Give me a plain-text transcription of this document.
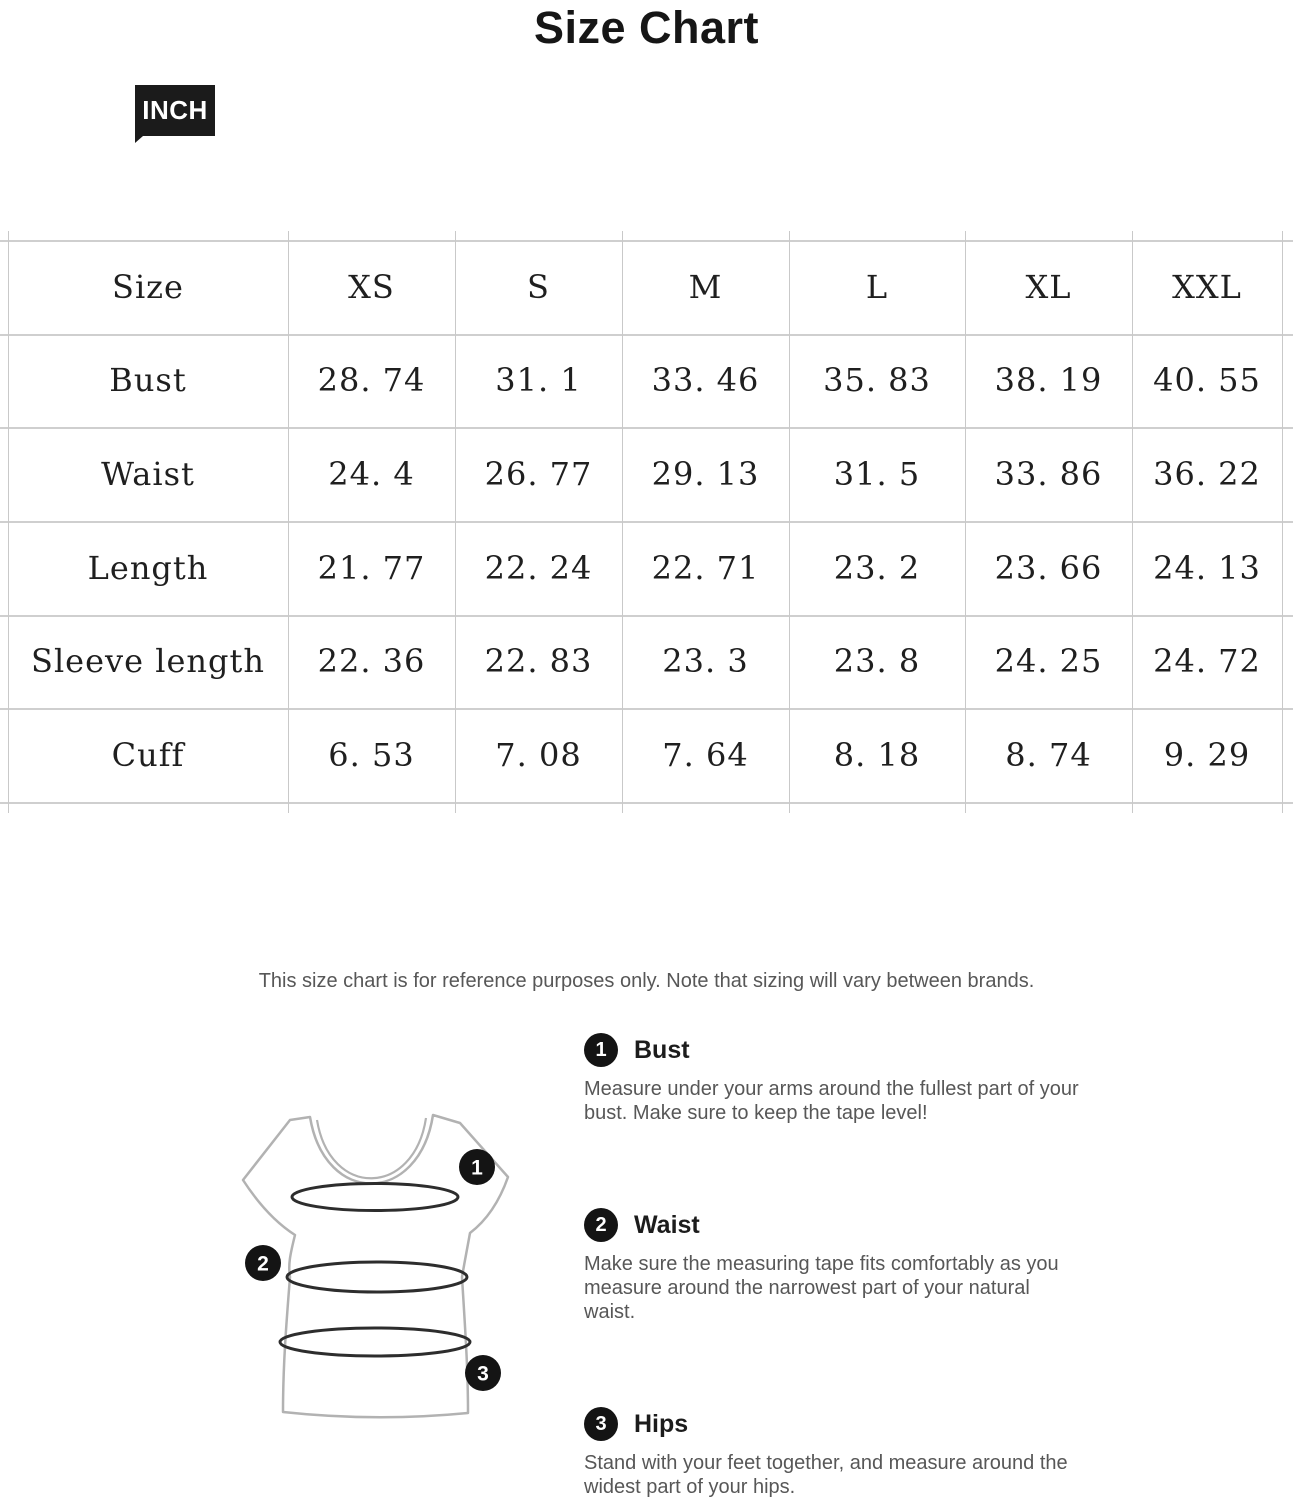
Size Chart
INCH
Size	XS	S	M	L	XL	XXL
Bust	28. 74	31. 1	33. 46	35. 83	38. 19	40. 55
Waist	24. 4	26. 77	29. 13	31. 5	33. 86	36. 22
Length	21. 77	22. 24	22. 71	23. 2	23. 66	24. 13
Sleeve length	22. 36	22. 83	23. 3	23. 8	24. 25	24. 72
Cuff	6. 53	7. 08	7. 64	8. 18	8. 74	9. 29
This size chart is for reference purposes only. Note that sizing will vary between brands.
1
2
3
1	Bust
Measure under your arms around the fullest part of your
bust. Make sure to keep the tape level!
2	Waist
Make sure the measuring tape fits comfortably as you
measure around the narrowest part of your natural
waist.
3	Hips
Stand with your feet together, and measure around the
widest part of your hips.
